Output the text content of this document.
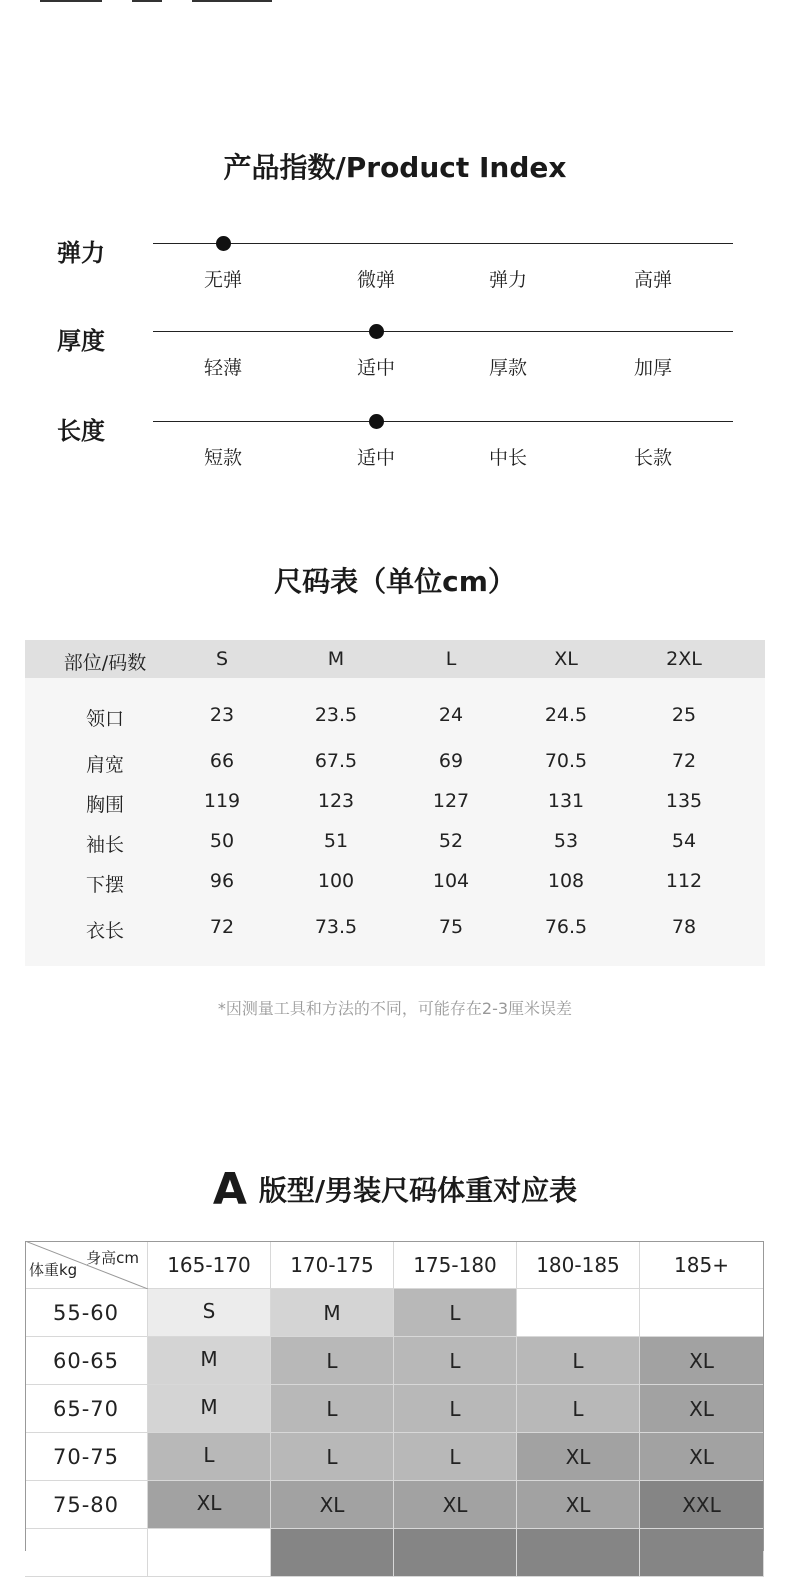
产品指数/Product Index
弹力
无弹	微弹	弹力	高弹
厚度
轻薄	适中	厚款	加厚
长度
短款	适中	中长	长款
尺码表（单位cm）
部位/码数	S	M	L	XL	2XL
领口	23	23.5	24	24.5	25
肩宽	66	67.5	69	70.5	72
胸围	119	123	127	131	135
袖长	50	51	52	53	54
下摆	96	100	104	108	112
衣长	72	73.5	75	76.5	78
*因测量工具和方法的不同，可能存在2-3厘米误差
A版型/男装尺码体重对应表
身高cm
体重kg	165-170	170-175	175-180	180-185	185+
55-60	S	M	L
60-65	M	L	L	L	XL
65-70	M	L	L	L	XL
70-75	L	L	L	XL	XL
75-80	XL	XL	XL	XL	XXL
